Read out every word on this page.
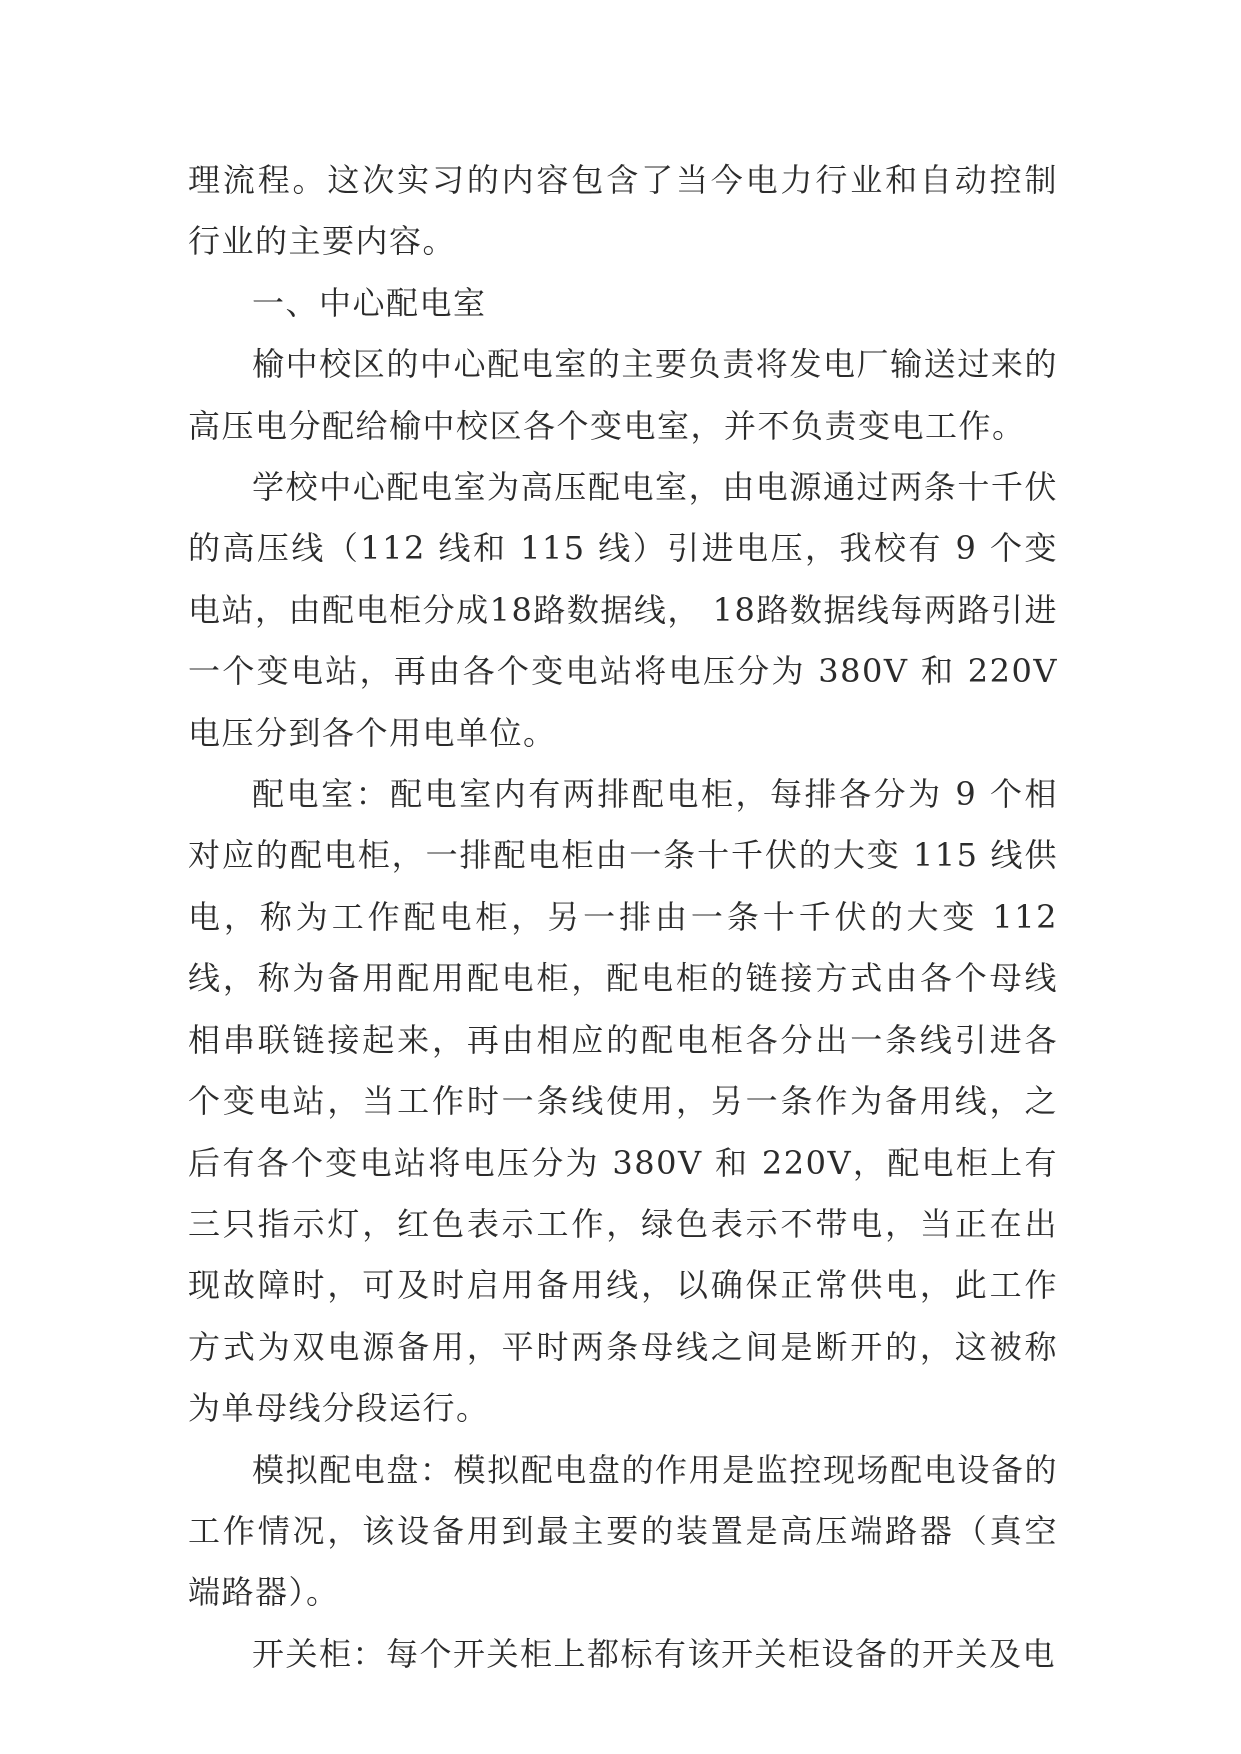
理流程。这次实习的内容包含了当今电力行业和自动控制行业的主要内容。

一、中心配电室

榆中校区的中心配电室的主要负责将发电厂输送过来的高压电分配给榆中校区各个变电室，并不负责变电工作。

学校中心配电室为高压配电室，由电源通过两条十千伏的高压线（112 线和 115 线）引进电压，我校有 9 个变电站，由配电柜分成18路数据线， 18路数据线每两路引进一个变电站，再由各个变电站将电压分为 380V 和 220V 电压分到各个用电单位。

配电室：配电室内有两排配电柜，每排各分为 9 个相对应的配电柜，一排配电柜由一条十千伏的大变 115 线供电，称为工作配电柜，另一排由一条十千伏的大变 112 线，称为备用配用配电柜，配电柜的链接方式由各个母线相串联链接起来，再由相应的配电柜各分出一条线引进各个变电站，当工作时一条线使用，另一条作为备用线，之后有各个变电站将电压分为 380V 和 220V，配电柜上有三只指示灯，红色表示工作，绿色表示不带电，当正在出现故障时，可及时启用备用线，以确保正常供电，此工作方式为双电源备用，平时两条母线之间是断开的，这被称为单母线分段运行。

模拟配电盘：模拟配电盘的作用是监控现场配电设备的工作情况，该设备用到最主要的装置是高压端路器（真空端路器）。

开关柜：每个开关柜上都标有该开关柜设备的开关及电
